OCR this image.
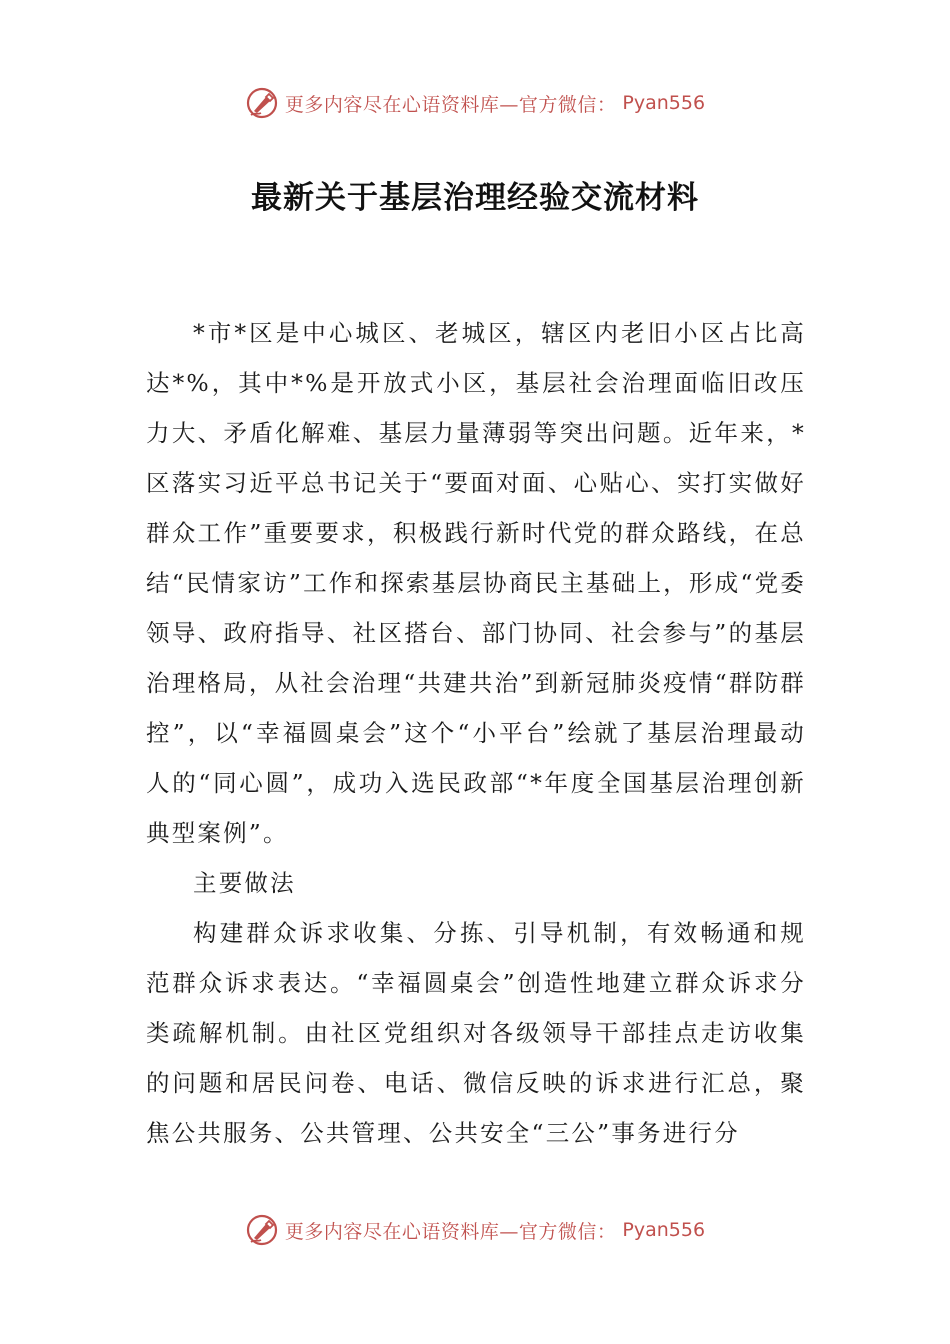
更多内容尽在心语资料库—官方微信： Pyan556
最新关于基层治理经验交流材料

*市*区是中心城区、老城区，辖区内老旧小区占比高达*%，其中*%是开放式小区，基层社会治理面临旧改压力大、矛盾化解难、基层力量薄弱等突出问题。近年来，*区落实习近平总书记关于“要面对面、心贴心、实打实做好群众工作”重要要求，积极践行新时代党的群众路线，在总结“民情家访”工作和探索基层协商民主基础上，形成“党委领导、政府指导、社区搭台、部门协同、社会参与”的基层治理格局，从社会治理“共建共治”到新冠肺炎疫情“群防群控”，以“幸福圆桌会”这个“小平台”绘就了基层治理最动人的“同心圆”，成功入选民政部“*年度全国基层治理创新典型案例”。

主要做法

构建群众诉求收集、分拣、引导机制，有效畅通和规范群众诉求表达。“幸福圆桌会”创造性地建立群众诉求分类疏解机制。由社区党组织对各级领导干部挂点走访收集的问题和居民问卷、电话、微信反映的诉求进行汇总，聚焦公共服务、公共管理、公共安全“三公”事务进行分

更多内容尽在心语资料库—官方微信： Pyan556
